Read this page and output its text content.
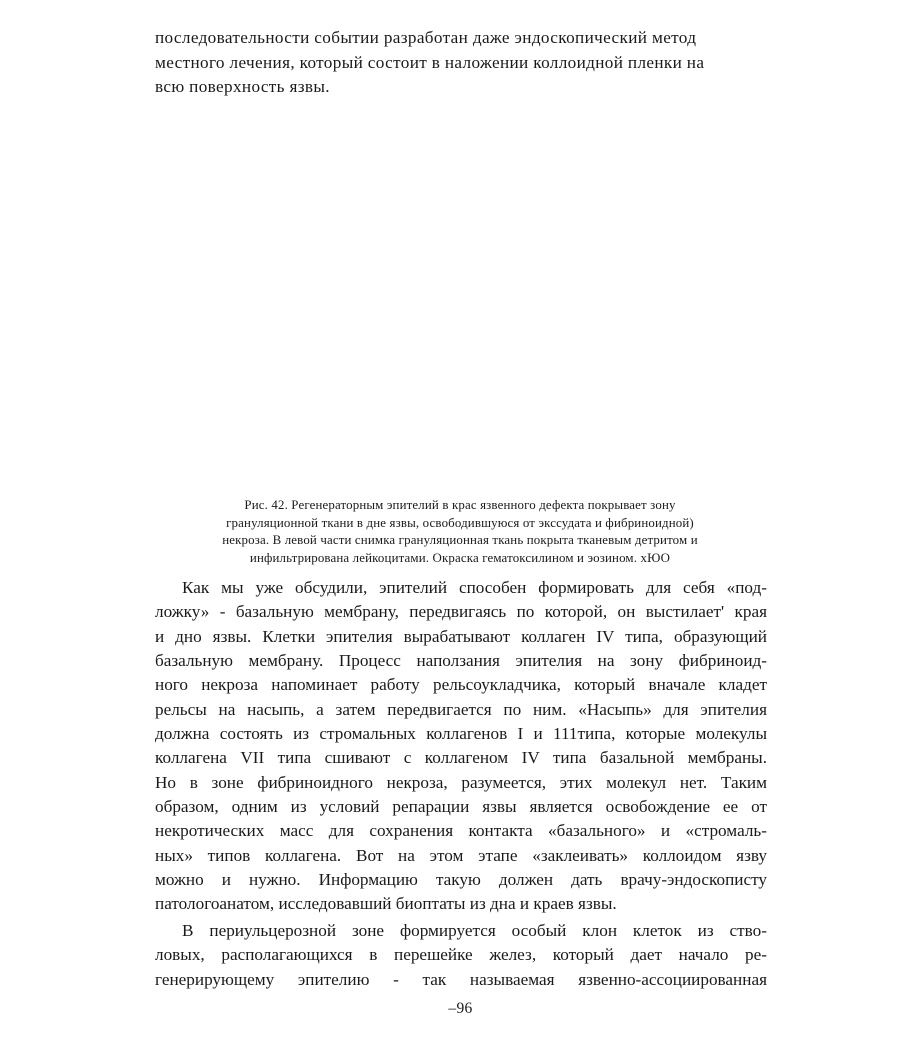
последовательности событии разработан даже эндоскопический метод
местного лечения, который состоит в наложении коллоидной пленки на
всю поверхность язвы.

Рис. 42. Регенераторным эпителий в крас язвенного дефекта покрывает зону
грануляционной ткани в дне язвы, освободившуюся от экссудата и фибриноидной)
некроза. В левой части снимка грануляционная ткань покрыта тканевым детритом и
инфильтрирована лейкоцитами. Окраска гематоксилином и эозином. хЮО

Как мы уже обсудили, эпителий способен формировать для себя «под-
ложку» - базальную мембрану, передвигаясь по которой, он выстилает' края
и дно язвы. Клетки эпителия вырабатывают коллаген IV типа, образующий
базальную мембрану. Процесс наползания эпителия на зону фибриноид-
ного некроза напоминает работу рельсоукладчика, который вначале кладет
рельсы на насыпь, а затем передвигается по ним. «Насыпь» для эпителия
должна состоять из стромальных коллагенов I и 111типа, которые молекулы
коллагена VII типа сшивают с коллагеном IV типа базальной мембраны.
Но в зоне фибриноидного некроза, разумеется, этих молекул нет. Таким
образом, одним из условий репарации язвы является освобождение ее от
некротических масс для сохранения контакта «базального» и «стромаль-
ных» типов коллагена. Вот на этом этапе «заклеивать» коллоидом язву
можно и нужно. Информацию такую должен дать врачу-эндоскописту
патологоанатом, исследовавший биоптаты из дна и краев язвы.

В периульцерозной зоне формируется особый клон клеток из ство-
ловых, располагающихся в перешейке желез, который дает начало ре-
генерирующему эпителию - так называемая язвенно-ассоциированная

–96
